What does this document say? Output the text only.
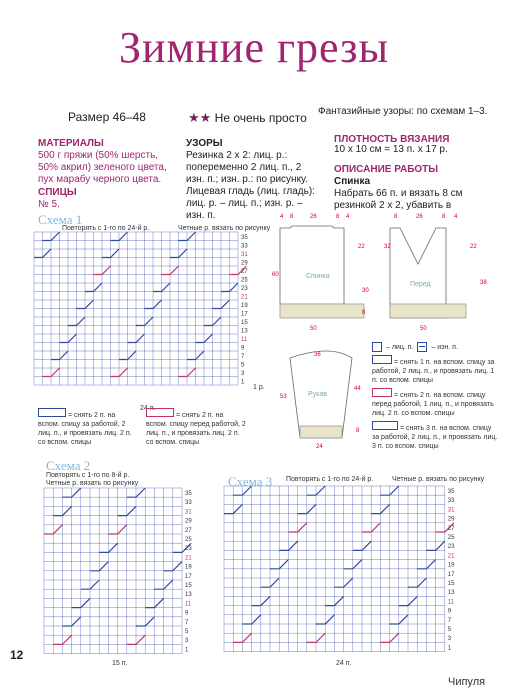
Зимние грезы
Размер 46–48	★★ Не очень просто Фантазийные узоры: по схемам 1–3.
МАТЕРИАЛЫ
500 г пряжи (50% шерсть, 50% акрил) зеленого цвета, пух марабу черного цвета.
СПИЦЫ
№ 5.
УЗОРЫ
Резинка 2 х 2: лиц. р.: попеременно 2 лиц. п., 2 изн. п.; изн. р.: по рисунку. Лицевая гладь (лиц. гладь): лиц. р. – лиц. п.; изн. р. – изн. п.
ПЛОТНОСТЬ ВЯЗАНИЯ
10 х 10 см = 13 п. х 17 р.
ОПИСАНИЕ РАБОТЫ
Спинка
Набрать 66 п. и вязать 8 см резинкой 2 х 2, убавить в
Схема 1
Повторять с 1-го по 24-й р.	Четные р. вязать по рисунку
35
33
31
29
27
25
23
21
19
17
15
13
11
9
7
5
3
1
24 п.
1 р.
Спинка
Перед
Рукав
4 8	26	8 4	8	26	8 4
60
30
22
8
32	22
38
50	50
36
44
53
24
8
– лиц. п.	– изн. п.
= снять 1 п. на вспом. спицу за работой, 2 лиц. п., и провязать лиц. 1 п. со вспом. спицы
= снять 2 п. на вспом. спицу перед работой, 1 лиц. п., и провязать лиц. 2 п. со вспом. спицы
= снять 3 п. на вспом. спицу за работой, 2 лиц. п., и провязать лиц. 3 п. со вспом. спицы
= снять 2 п. на вспом. спицу за работой, 2 лиц. п., и провязать лиц. 2 п. со вспом. спицы
= снять 2 п. на вспом. спицу перед работой, 2 лиц. п., и провязать лиц. 2 п. со вспом. спицы
Схема 2
Повторять с 1-го по 8-й р.
Четные р. вязать по рисунку
35
33
31
29
27
25
23
21
19
17
15
13
11
9
7
5
3
1
15 п.
Схема 3 Повторять с 1-го по 24-й р.	Четные р. вязать по рисунку
35
33
31
29
27
25
23
21
19
17
15
13
11
9
7
5
3
1
24 п.
12
Чипуля
